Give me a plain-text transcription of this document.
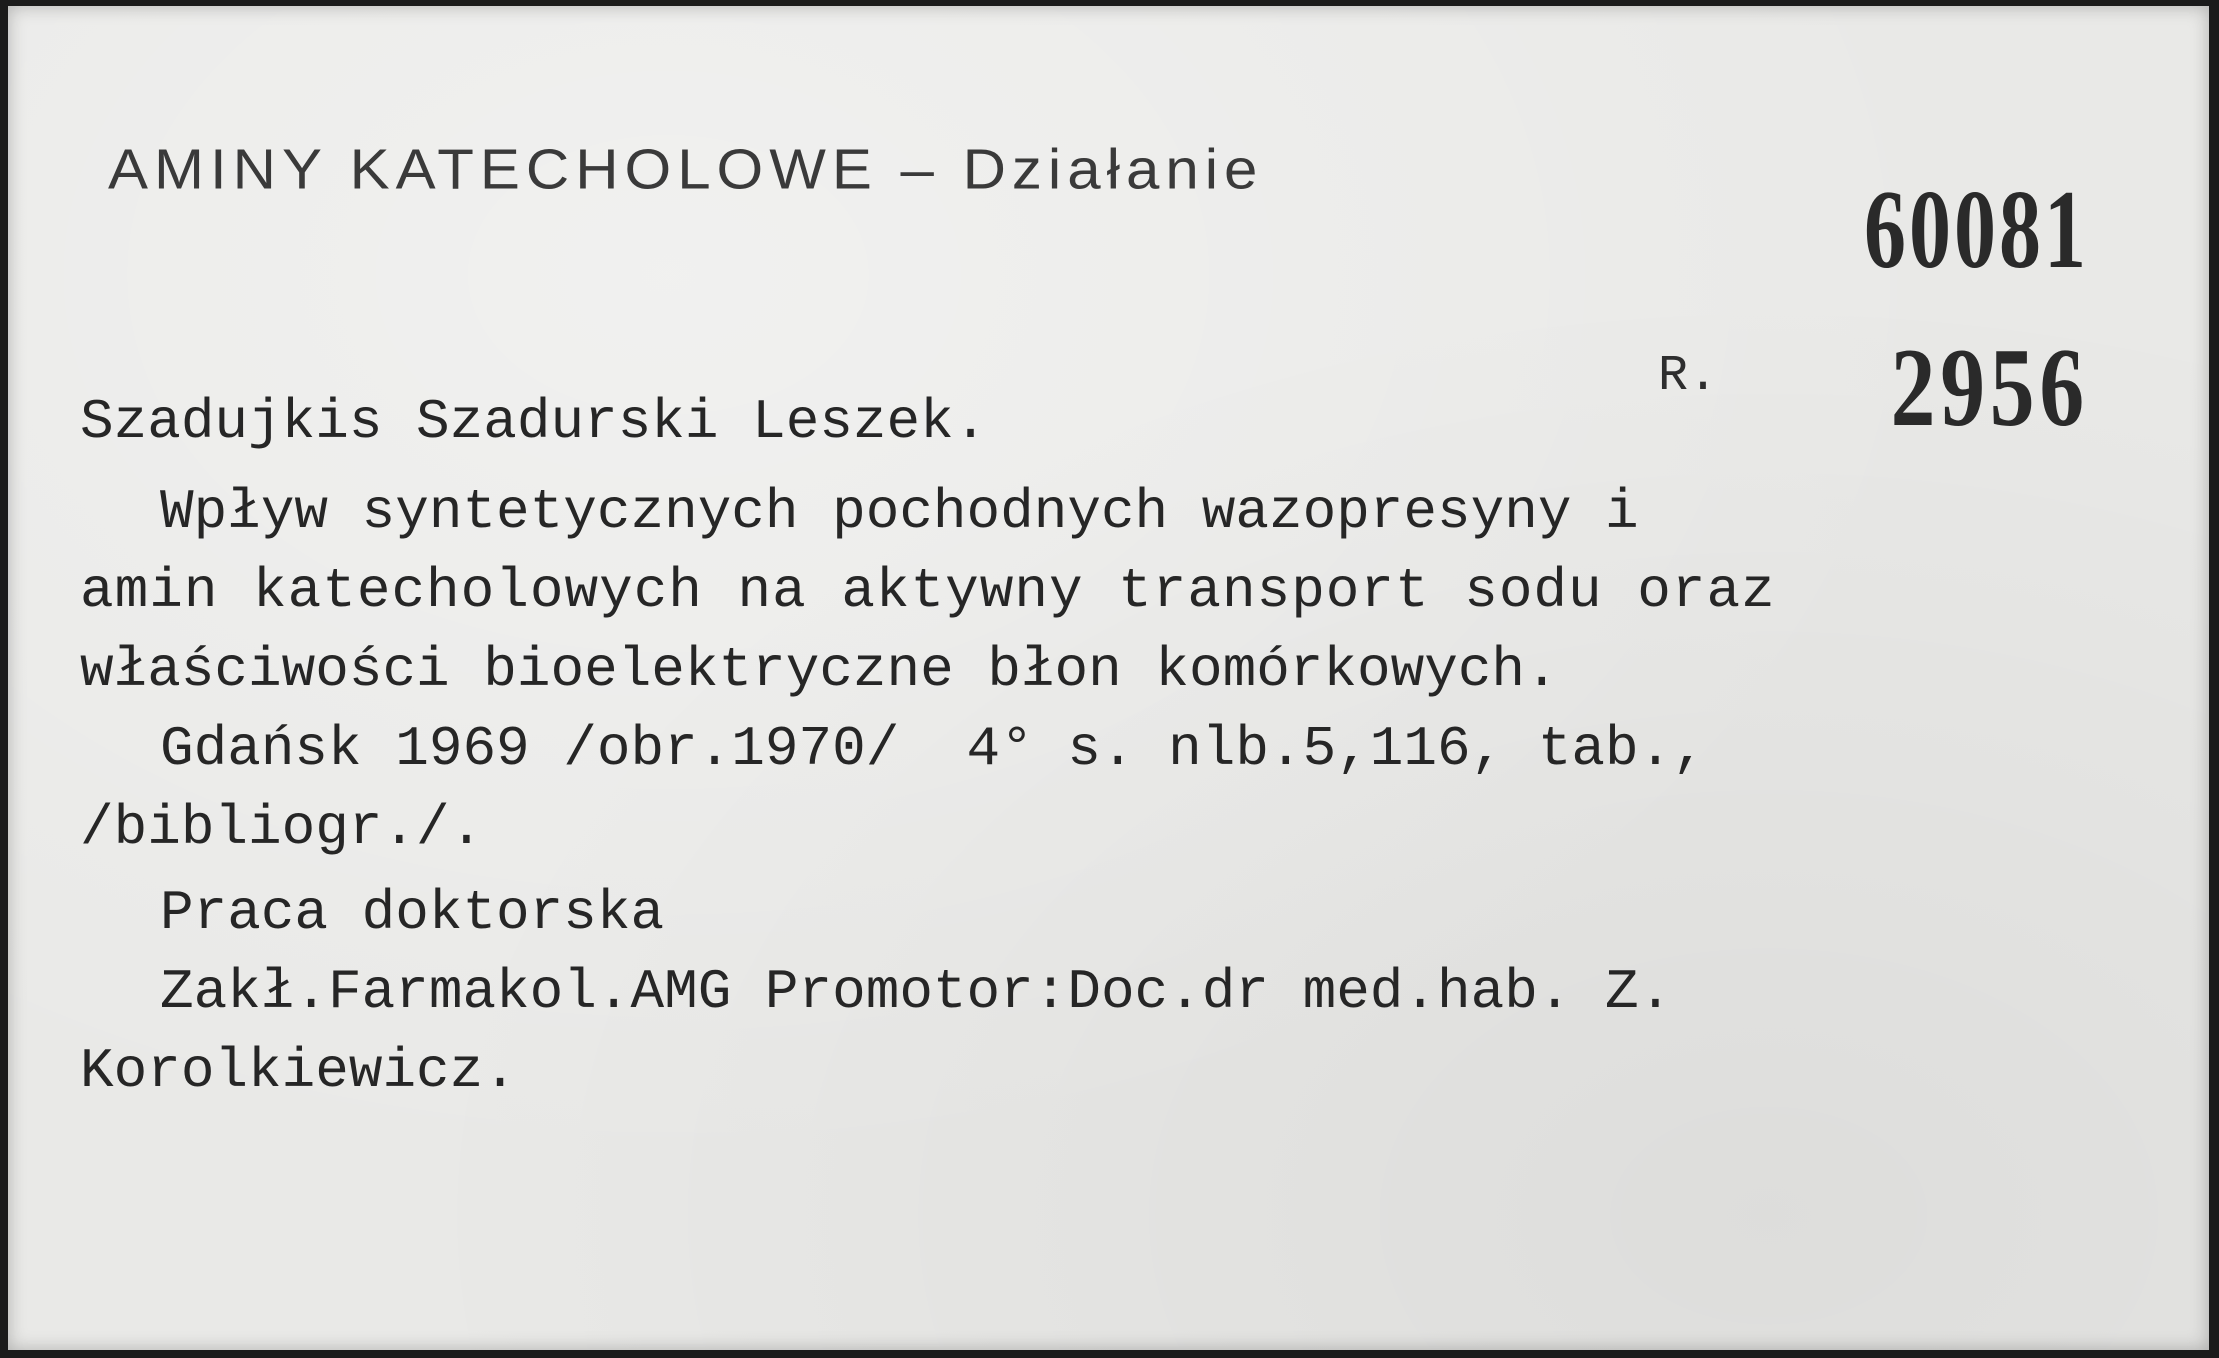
AMINY KATECHOLOWE – Działanie	60081
R. 2956
Szadujkis Szadurski Leszek.
Wpływ syntetycznych pochodnych wazopresyny i
amin katecholowych na aktywny transport sodu oraz
właściwości bioelektryczne błon komórkowych.
Gdańsk 1969 /obr.1970/  4° s. nlb.5,116, tab.,
/bibliogr./.
Praca doktorska
Zakł.Farmakol.AMG Promotor:Doc.dr med.hab. Z.
Korolkiewicz.
